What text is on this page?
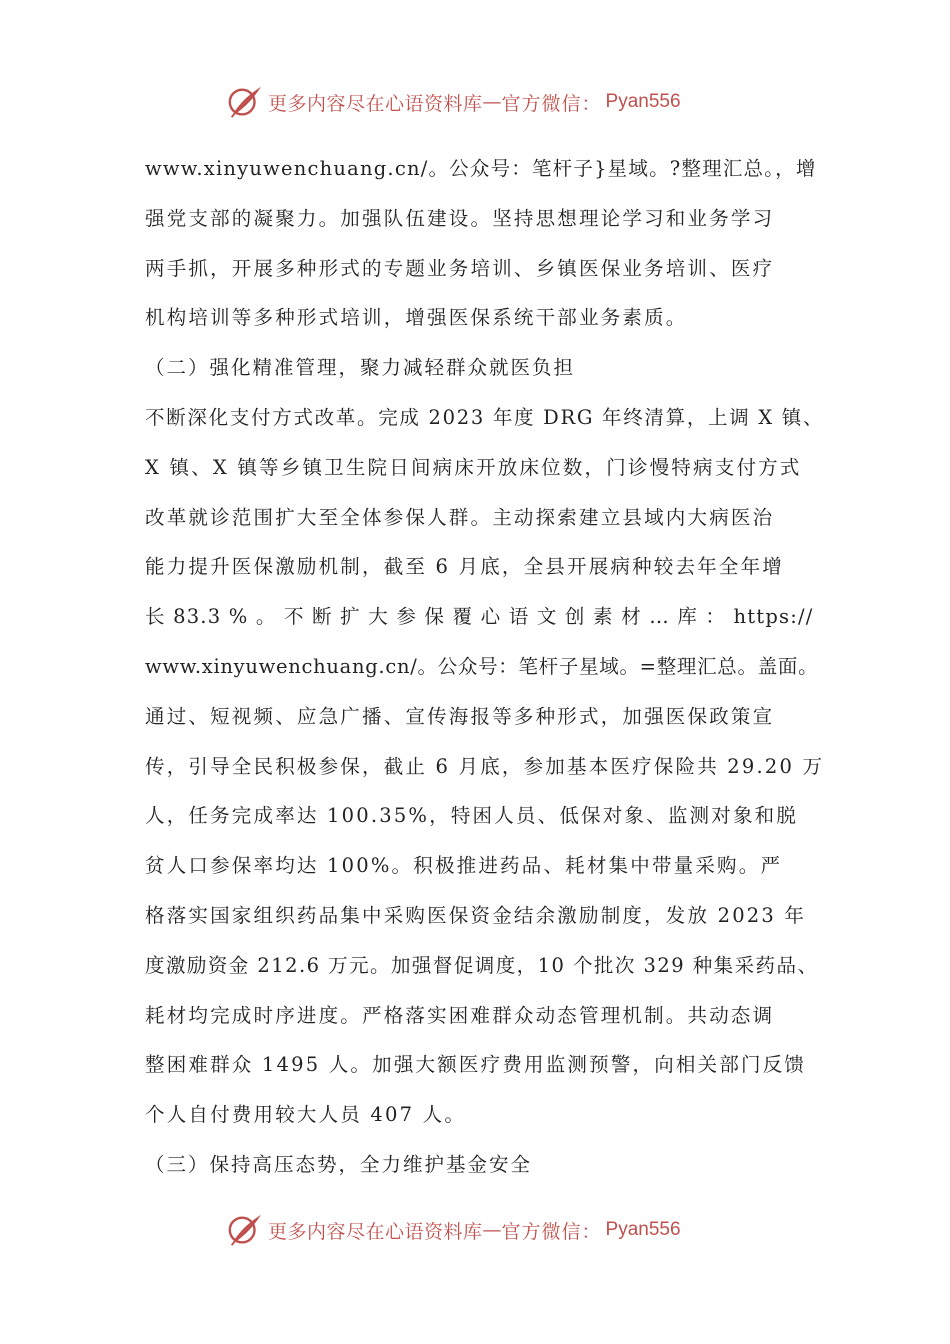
更多内容尽在心语资料库 — 官方微信： Pyan556
www.xinyuwenchuang.cn/。公众号：笔杆子}星域。?整理汇总。，增
强党支部的凝聚力。加强队伍建设。坚持思想理论学习和业务学习
两手抓，开展多种形式的专题业务培训、乡镇医保业务培训、医疗
机构培训等多种形式培训，增强医保系统干部业务素质。
（二）强化精准管理，聚力减轻群众就医负担
不断深化支付方式改革。完成 2023 年度 DRG 年终清算，上调 X 镇、
X 镇、X 镇等乡镇卫生院日间病床开放床位数，门诊慢特病支付方式
改革就诊范围扩大至全体参保人群。主动探索建立县域内大病医治
能力提升医保激励机制，截至 6 月底，全县开展病种较去年全年增
长 83.3 % 。 不 断 扩 大 参 保 覆 心 语 文 创 素 材 … 库 ： https://
www.xinyuwenchuang.cn/。公众号：笔杆子星域。=整理汇总。盖面。
通过、短视频、应急广播、宣传海报等多种形式，加强医保政策宣
传，引导全民积极参保，截止 6 月底，参加基本医疗保险共 29.20 万
人，任务完成率达 100.35%，特困人员、低保对象、监测对象和脱
贫人口参保率均达 100%。积极推进药品、耗材集中带量采购。严
格落实国家组织药品集中采购医保资金结余激励制度，发放 2023 年
度激励资金 212.6 万元。加强督促调度，10 个批次 329 种集采药品、
耗材均完成时序进度。严格落实困难群众动态管理机制。共动态调
整困难群众 1495 人。加强大额医疗费用监测预警，向相关部门反馈
个人自付费用较大人员 407 人。
（三）保持高压态势，全力维护基金安全
更多内容尽在心语资料库 — 官方微信： Pyan556
